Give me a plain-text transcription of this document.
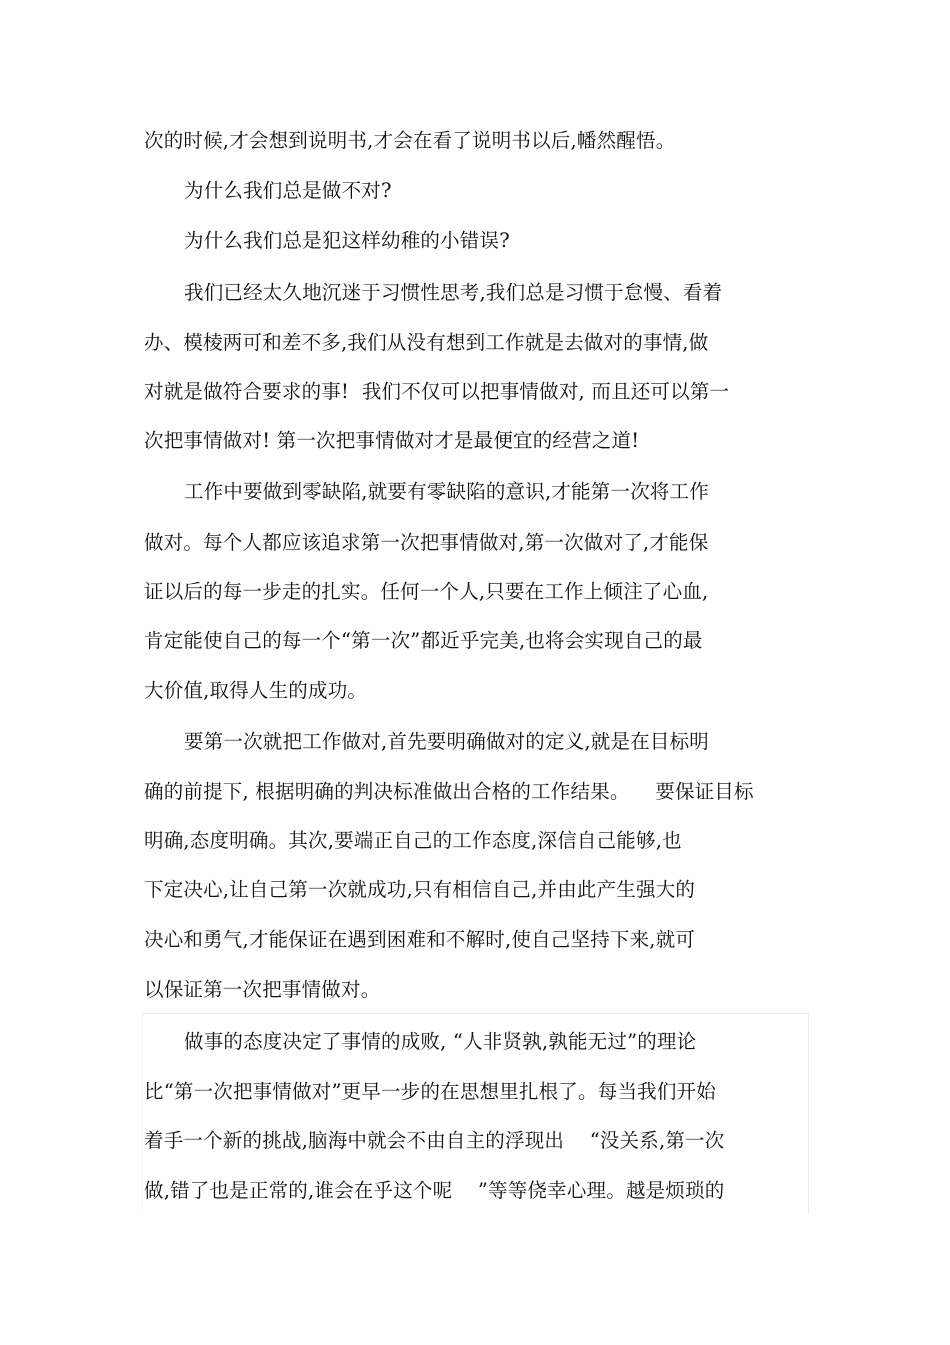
次的时候,才会想到说明书,才会在看了说明书以后,幡然醒悟。
为什么我们总是做不对?
为什么我们总是犯这样幼稚的小错误?
我们已经太久地沉迷于习惯性思考,我们总是习惯于怠慢、看着
办、模棱两可和差不多,我们从没有想到工作就是去做对的事情,做
对就是做符合要求的事!  我们不仅可以把事情做对, 而且还可以第一
次把事情做对! 第一次把事情做对才是最便宜的经营之道!
工作中要做到零缺陷,就要有零缺陷的意识,才能第一次将工作
做对。每个人都应该追求第一次把事情做对,第一次做对了,才能保
证以后的每一步走的扎实。任何一个人,只要在工作上倾注了心血,
肯定能使自己的每一个“第一次”都近乎完美,也将会实现自己的最
大价值,取得人生的成功。
要第一次就把工作做对,首先要明确做对的定义,就是在目标明
确的前提下, 根据明确的判决标准做出合格的工作结果。    要保证目标
明确,态度明确。其次,要端正自己的工作态度,深信自己能够,也
下定决心,让自己第一次就成功,只有相信自己,并由此产生强大的
决心和勇气,才能保证在遇到困难和不解时,使自己坚持下来,就可
以保证第一次把事情做对。
做事的态度决定了事情的成败, “人非贤孰,孰能无过”的理论
比“第一次把事情做对”更早一步的在思想里扎根了。每当我们开始
着手一个新的挑战,脑海中就会不由自主的浮现出    “没关系,第一次
做,错了也是正常的,谁会在乎这个呢    ”等等侥幸心理。越是烦琐的
